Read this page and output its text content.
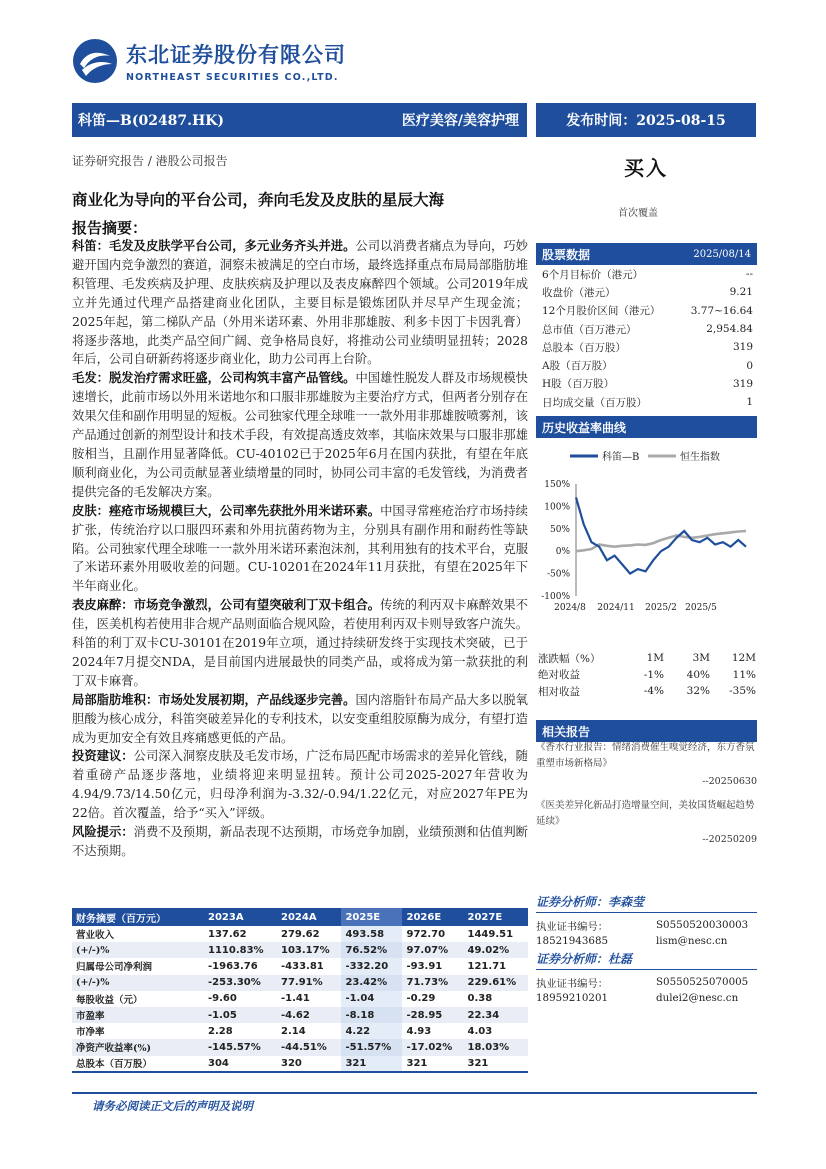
东北证券股份有限公司
NORTHEAST SECURITIES CO.,LTD.
科笛—B(02487.HK)	医疗美容/美容护理	发布时间：2025-08-15
证券研究报告 / 港股公司报告	买入
首次覆盖
商业化为导向的平台公司，奔向毛发及皮肤的星辰大海
报告摘要：

科笛：毛发及皮肤学平台公司，多元业务齐头并进。公司以消费者痛点为导向，巧妙避开国内竞争激烈的赛道，洞察未被满足的空白市场，最终选择重点布局局部脂肪堆积管理、毛发疾病及护理、皮肤疾病及护理以及表皮麻醉四个领域。公司2019年成立并先通过代理产品搭建商业化团队，主要目标是锻炼团队并尽早产生现金流；2025年起，第二梯队产品（外用米诺环素、外用非那雄胺、利多卡因丁卡因乳膏）将逐步落地，此类产品空间广阔、竞争格局良好，将推动公司业绩明显扭转；2028年后，公司自研新药将逐步商业化，助力公司再上台阶。

毛发：脱发治疗需求旺盛，公司构筑丰富产品管线。中国雄性脱发人群及市场规模快速增长，此前市场以外用米诺地尔和口服非那雄胺为主要治疗方式，但两者分别存在效果欠佳和副作用明显的短板。公司独家代理全球唯一一款外用非那雄胺喷雾剂，该产品通过创新的剂型设计和技术手段，有效提高透皮效率，其临床效果与口服非那雄胺相当，且副作用显著降低。CU-40102已于2025年6月在国内获批，有望在年底顺利商业化，为公司贡献显著业绩增量的同时，协同公司丰富的毛发管线，为消费者提供完备的毛发解决方案。

皮肤：痤疮市场规模巨大，公司率先获批外用米诺环素。中国寻常痤疮治疗市场持续扩张，传统治疗以口服四环素和外用抗菌药物为主，分别具有副作用和耐药性等缺陷。公司独家代理全球唯一一款外用米诺环素泡沫剂，其利用独有的技术平台，克服了米诺环素外用吸收差的问题。CU-10201在2024年11月获批，有望在2025年下半年商业化。

表皮麻醉：市场竞争激烈，公司有望突破利丁双卡组合。传统的利丙双卡麻醉效果不佳，医美机构若使用非合规产品则面临合规风险，若使用利丙双卡则导致客户流失。科笛的利丁双卡CU-30101在2019年立项，通过持续研发终于实现技术突破，已于2024年7月提交NDA，是目前国内进展最快的同类产品，或将成为第一款获批的利丁双卡麻膏。

局部脂肪堆积：市场处发展初期，产品线逐步完善。国内溶脂针布局产品大多以脱氧胆酸为核心成分，科笛突破差异化的专利技术，以安变重组胶原酶为成分，有望打造成为更加安全有效且疼痛感更低的产品。

投资建议：公司深入洞察皮肤及毛发市场，广泛布局匹配市场需求的差异化管线，随着重磅产品逐步落地，业绩将迎来明显扭转。预计公司2025-2027年营收为4.94/9.73/14.50亿元，归母净利润为-3.32/-0.94/1.22亿元，对应2027年PE为22倍。首次覆盖，给予“买入”评级。

风险提示：消费不及预期，新品表现不达预期，市场竞争加剧，业绩预测和估值判断不达预期。

股票数据	2025/08/14
6个月目标价（港元）	--
收盘价（港元）	9.21
12个月股价区间（港元）	3.77~16.64
总市值（百万港元）	2,954.84
总股本（百万股）	319
A股（百万股）	0
H股（百万股）	319
日均成交量（百万股）	1
历史收益率曲线
科笛—B	恒生指数
150%
100%
50%
0%
-50%
-100%
2024/8 2024/11 2025/2 2025/5
涨跌幅（%）	1M	3M	12M
绝对收益	-1%	40%	11%
相对收益	-4%	32%	-35%
相关报告
《香水行业报告：情绪消费催生嗅觉经济，东方香氛重塑市场新格局》
--20250630
《医美差异化新品打造增量空间，美妆国货崛起趋势延续》
--20250209
证券分析师：李森莹
执业证书编号：	S0550520030003
18521943685	lism@nesc.cn
证券分析师：杜磊
执业证书编号：	S0550525070005
18959210201	dulei2@nesc.cn
财务摘要（百万元）	2023A	2024A	2025E	2026E	2027E
营业收入	137.62	279.62	493.58	972.70	1449.51
(+/-)%	1110.83%	103.17%	76.52%	97.07%	49.02%
归属母公司净利润	-1963.76	-433.81	-332.20	-93.91	121.71
(+/-)%	-253.30%	77.91%	23.42%	71.73%	229.61%
每股收益（元）	-9.60	-1.41	-1.04	-0.29	0.38
市盈率	-1.05	-4.62	-8.18	-28.95	22.34
市净率	2.28	2.14	4.22	4.93	4.03
净资产收益率(%)	-145.57%	-44.51%	-51.57%	-17.02%	18.03%
总股本（百万股）	304	320	321	321	321
请务必阅读正文后的声明及说明
